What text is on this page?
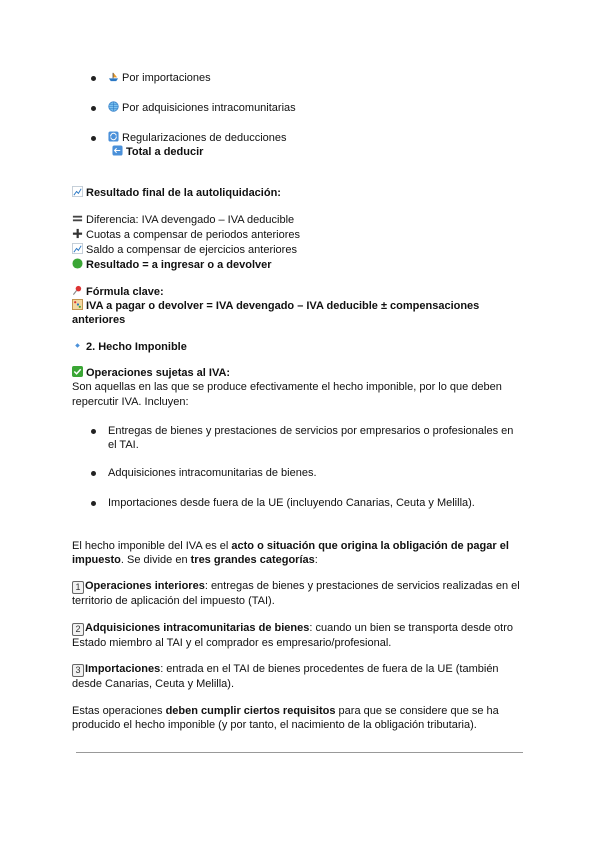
Por importaciones
Por adquisiciones intracomunitarias
Regularizaciones de deducciones
Total a deducir
Resultado final de la autoliquidación:
Diferencia: IVA devengado – IVA deducible
Cuotas a compensar de periodos anteriores
Saldo a compensar de ejercicios anteriores
Resultado = a ingresar o a devolver
Fórmula clave:
IVA a pagar o devolver = IVA devengado – IVA deducible ± compensaciones
anteriores
2. Hecho Imponible
Operaciones sujetas al IVA:
Son aquellas en las que se produce efectivamente el hecho imponible, por lo que deben
repercutir IVA. Incluyen:
Entregas de bienes y prestaciones de servicios por empresarios o profesionales en
el TAI.
Adquisiciones intracomunitarias de bienes.
Importaciones desde fuera de la UE (incluyendo Canarias, Ceuta y Melilla).
El hecho imponible del IVA es el acto o situación que origina la obligación de pagar el
impuesto. Se divide en tres grandes categorías:
1 Operaciones interiores: entregas de bienes y prestaciones de servicios realizadas en el
territorio de aplicación del impuesto (TAI).
2 Adquisiciones intracomunitarias de bienes: cuando un bien se transporta desde otro
Estado miembro al TAI y el comprador es empresario/profesional.
3 Importaciones: entrada en el TAI de bienes procedentes de fuera de la UE (también
desde Canarias, Ceuta y Melilla).
Estas operaciones deben cumplir ciertos requisitos para que se considere que se ha
producido el hecho imponible (y por tanto, el nacimiento de la obligación tributaria).
